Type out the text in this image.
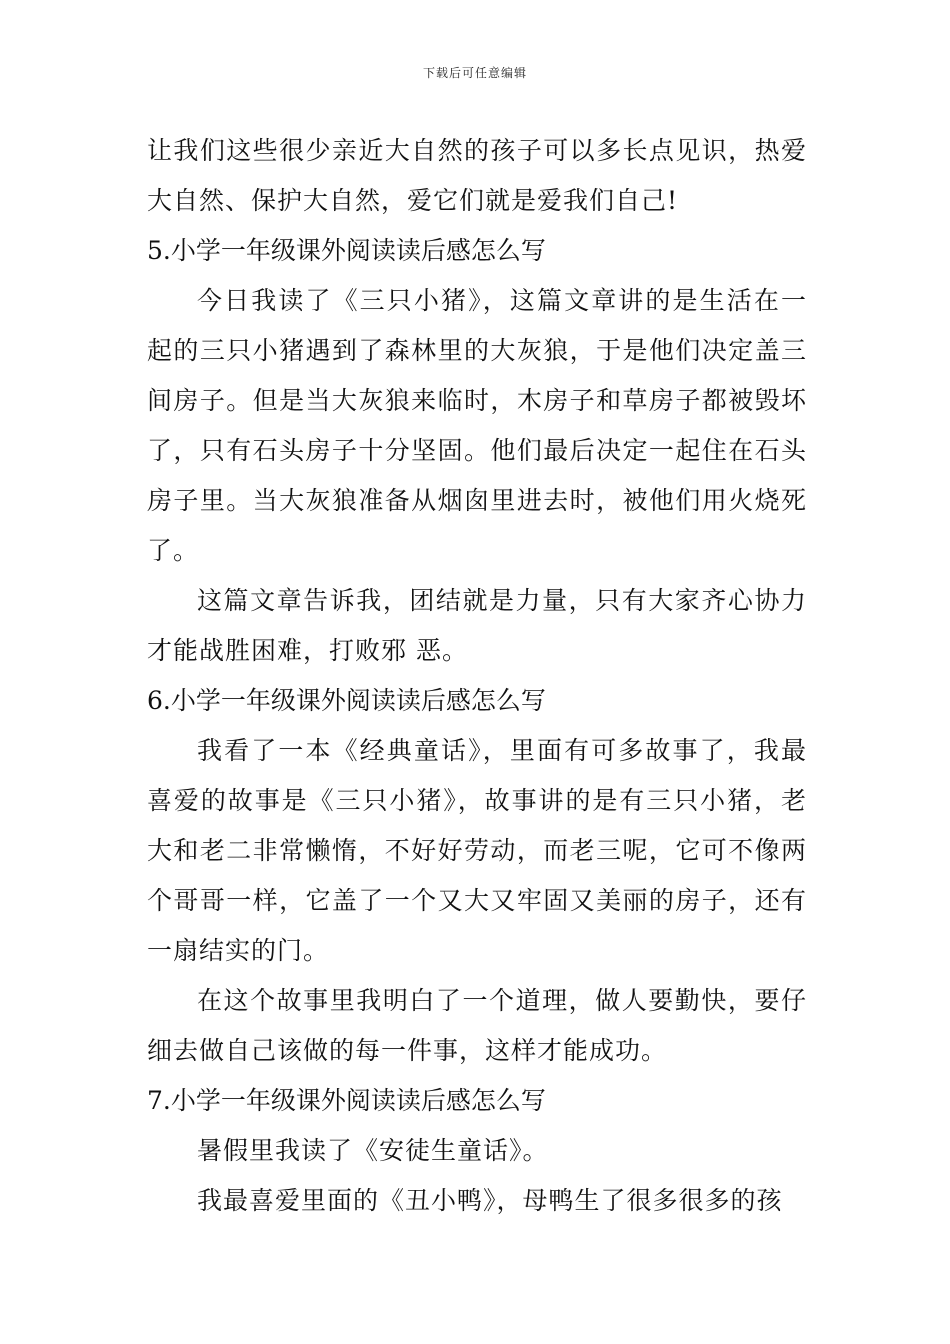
下载后可任意编辑

让我们这些很少亲近大自然的孩子可以多长点见识，热爱大自然、保护大自然，爱它们就是爱我们自己!

5.小学一年级课外阅读读后感怎么写

今日我读了《三只小猪》，这篇文章讲的是生活在一起的三只小猪遇到了森林里的大灰狼，于是他们决定盖三间房子。但是当大灰狼来临时，木房子和草房子都被毁坏了，只有石头房子十分坚固。他们最后决定一起住在石头房子里。当大灰狼准备从烟囱里进去时，被他们用火烧死了。

这篇文章告诉我，团结就是力量，只有大家齐心协力才能战胜困难，打败邪 恶。

6.小学一年级课外阅读读后感怎么写

我看了一本《经典童话》，里面有可多故事了，我最喜爱的故事是《三只小猪》，故事讲的是有三只小猪，老大和老二非常懒惰，不好好劳动，而老三呢，它可不像两个哥哥一样，它盖了一个又大又牢固又美丽的房子，还有一扇结实的门。

在这个故事里我明白了一个道理，做人要勤快，要仔细去做自己该做的每一件事，这样才能成功。

7.小学一年级课外阅读读后感怎么写

暑假里我读了《安徒生童话》。

我最喜爱里面的《丑小鸭》，母鸭生了很多很多的孩
